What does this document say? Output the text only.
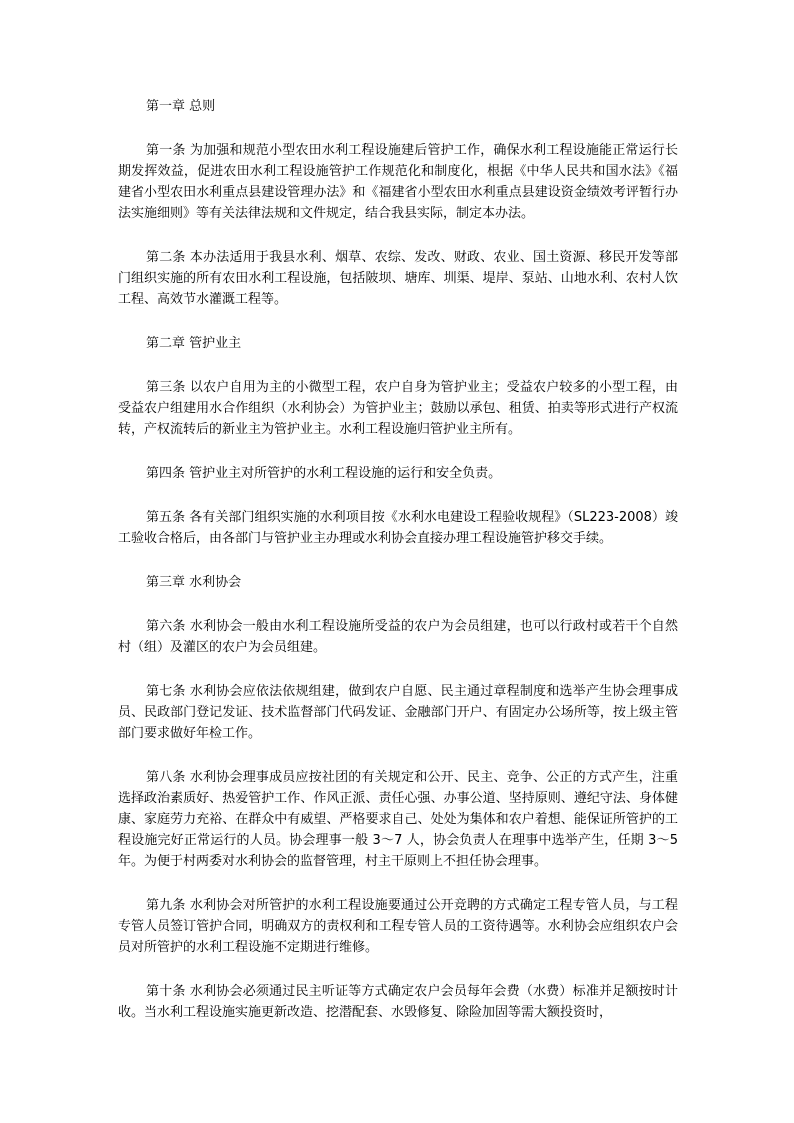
第一章 总则
第一条 为加强和规范小型农田水利工程设施建后管护工作，确保水利工程设施能正常运行长期发挥效益，促进农田水利工程设施管护工作规范化和制度化，根据《中华人民共和国水法》《福建省小型农田水利重点县建设管理办法》和《福建省小型农田水利重点县建设资金绩效考评暂行办法实施细则》等有关法律法规和文件规定，结合我县实际，制定本办法。
第二条 本办法适用于我县水利、烟草、农综、发改、财政、农业、国土资源、移民开发等部门组织实施的所有农田水利工程设施，包括陂坝、塘库、圳渠、堤岸、泵站、山地水利、农村人饮工程、高效节水灌溉工程等。
第二章 管护业主
第三条 以农户自用为主的小微型工程，农户自身为管护业主；受益农户较多的小型工程，由受益农户组建用水合作组织（水利协会）为管护业主；鼓励以承包、租赁、拍卖等形式进行产权流转，产权流转后的新业主为管护业主。水利工程设施归管护业主所有。
第四条 管护业主对所管护的水利工程设施的运行和安全负责。
第五条 各有关部门组织实施的水利项目按《水利水电建设工程验收规程》（SL223-2008）竣工验收合格后，由各部门与管护业主办理或水利协会直接办理工程设施管护移交手续。
第三章 水利协会
第六条 水利协会一般由水利工程设施所受益的农户为会员组建，也可以行政村或若干个自然村（组）及灌区的农户为会员组建。
第七条 水利协会应依法依规组建，做到农户自愿、民主通过章程制度和选举产生协会理事成员、民政部门登记发证、技术监督部门代码发证、金融部门开户、有固定办公场所等，按上级主管部门要求做好年检工作。
第八条 水利协会理事成员应按社团的有关规定和公开、民主、竞争、公正的方式产生，注重选择政治素质好、热爱管护工作、作风正派、责任心强、办事公道、坚持原则、遵纪守法、身体健康、家庭劳力充裕、在群众中有威望、严格要求自己、处处为集体和农户着想、能保证所管护的工程设施完好正常运行的人员。协会理事一般 3～7 人，协会负责人在理事中选举产生，任期 3～5年。为便于村两委对水利协会的监督管理，村主干原则上不担任协会理事。
第九条 水利协会对所管护的水利工程设施要通过公开竞聘的方式确定工程专管人员，与工程专管人员签订管护合同，明确双方的责权利和工程专管人员的工资待遇等。水利协会应组织农户会员对所管护的水利工程设施不定期进行维修。
第十条 水利协会必须通过民主听证等方式确定农户会员每年会费（水费）标准并足额按时计收。当水利工程设施实施更新改造、挖潜配套、水毁修复、除险加固等需大额投资时，
